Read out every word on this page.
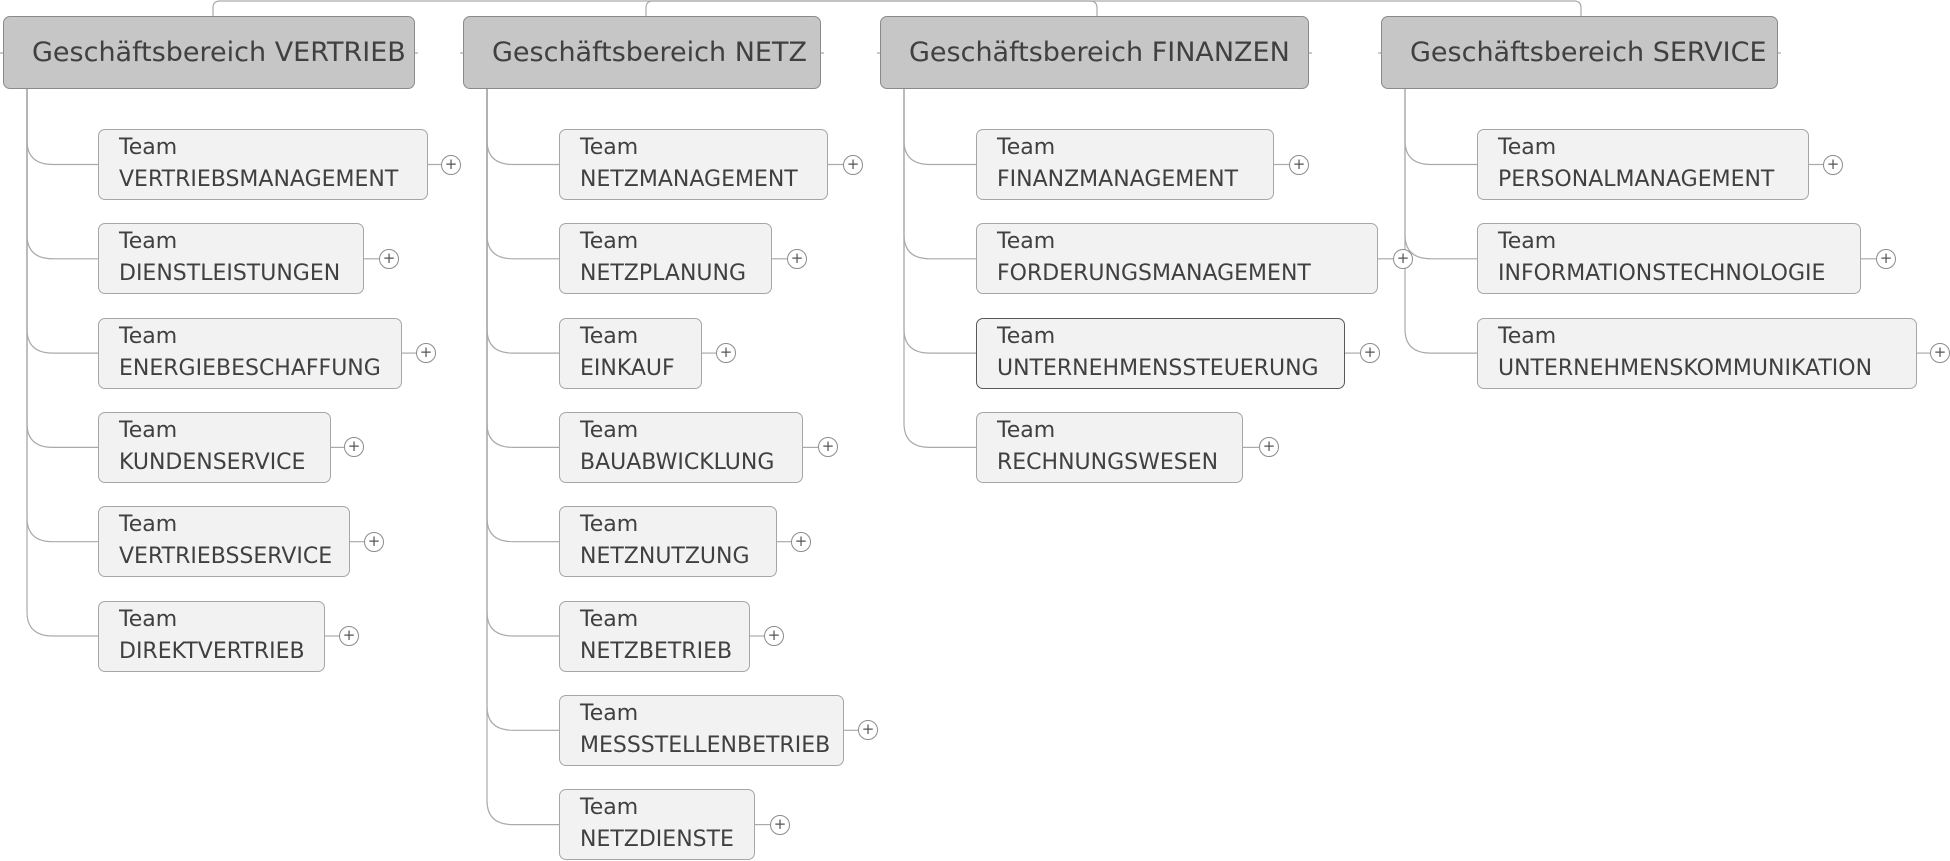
Geschäftsbereich VERTRIEB
Team
VERTRIEBSMANAGEMENT
+
Team
DIENSTLEISTUNGEN
+
Team
ENERGIEBESCHAFFUNG
+
Team
KUNDENSERVICE
+
Team
VERTRIEBSSERVICE
+
Team
DIREKTVERTRIEB
+
Geschäftsbereich NETZ
Team
NETZMANAGEMENT
+
Team
NETZPLANUNG
+
Team
EINKAUF
+
Team
BAUABWICKLUNG
+
Team
NETZNUTZUNG
+
Team
NETZBETRIEB
+
Team
MESSSTELLENBETRIEB
+
Team
NETZDIENSTE
+
Geschäftsbereich FINANZEN
Team
FINANZMANAGEMENT
+
Team
FORDERUNGSMANAGEMENT
+
Team
UNTERNEHMENSSTEUERUNG
+
Team
RECHNUNGSWESEN
+
Geschäftsbereich SERVICE
Team
PERSONALMANAGEMENT
+
Team
INFORMATIONSTECHNOLOGIE
+
Team
UNTERNEHMENSKOMMUNIKATION
+
